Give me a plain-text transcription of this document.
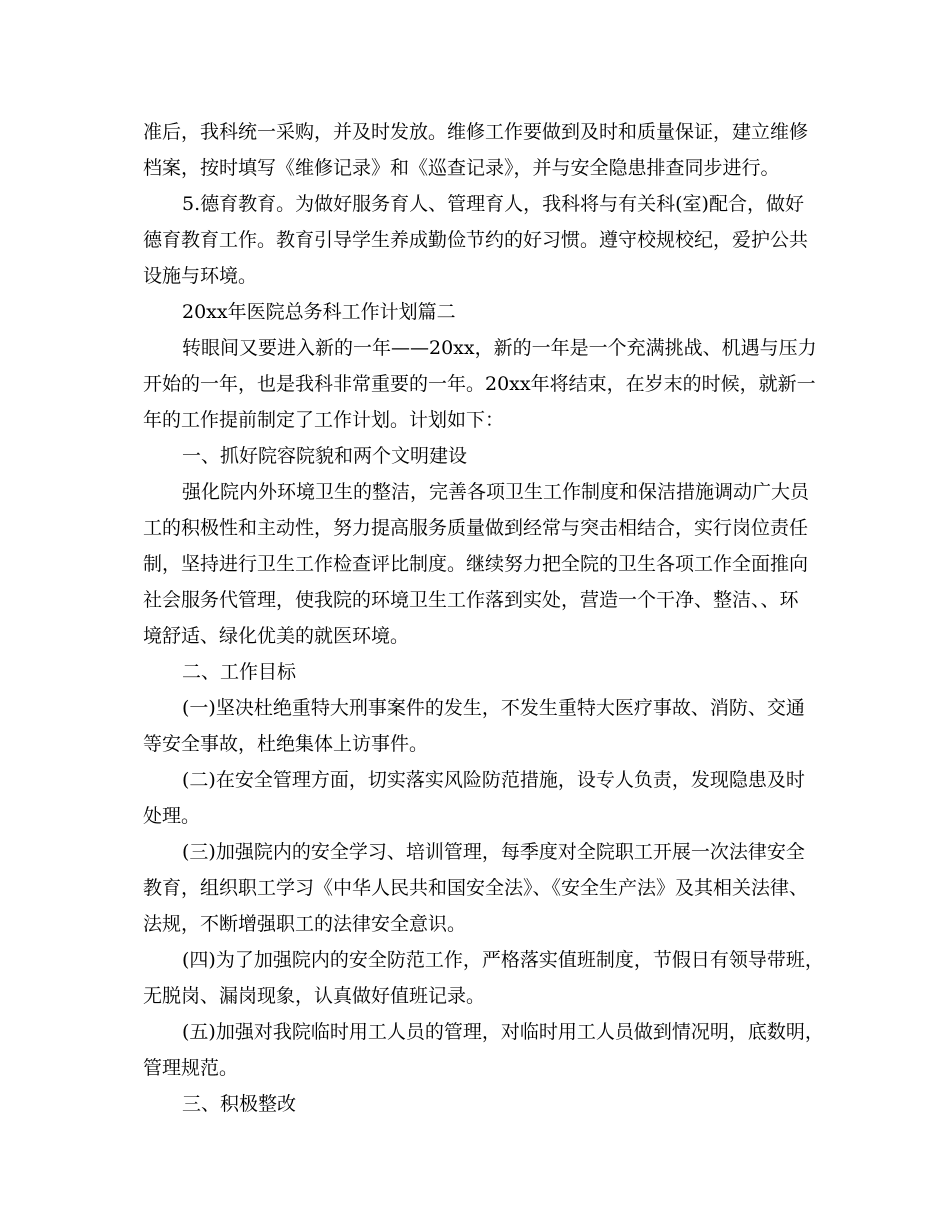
准后，我科统一采购，并及时发放。维修工作要做到及时和质量保证，建立维修

档案，按时填写《维修记录》和《巡查记录》，并与安全隐患排查同步进行。

5.德育教育。为做好服务育人、管理育人，我科将与有关科(室)配合，做好

德育教育工作。教育引导学生养成勤俭节约的好习惯。遵守校规校纪，爱护公共

设施与环境。

20xx年医院总务科工作计划篇二

转眼间又要进入新的一年——20xx，新的一年是一个充满挑战、机遇与压力

开始的一年，也是我科非常重要的一年。20xx年将结束，在岁末的时候，就新一

年的工作提前制定了工作计划。计划如下：

一、抓好院容院貌和两个文明建设

强化院内外环境卫生的整洁，完善各项卫生工作制度和保洁措施调动广大员

工的积极性和主动性，努力提高服务质量做到经常与突击相结合，实行岗位责任

制，坚持进行卫生工作检查评比制度。继续努力把全院的卫生各项工作全面推向

社会服务代管理，使我院的环境卫生工作落到实处，营造一个干净、整洁、、环

境舒适、绿化优美的就医环境。

二、工作目标

(一)坚决杜绝重特大刑事案件的发生，不发生重特大医疗事故、消防、交通

等安全事故，杜绝集体上访事件。

(二)在安全管理方面，切实落实风险防范措施，设专人负责，发现隐患及时

处理。

(三)加强院内的安全学习、培训管理，每季度对全院职工开展一次法律安全

教育，组织职工学习《中华人民共和国安全法》、《安全生产法》及其相关法律、

法规，不断增强职工的法律安全意识。

(四)为了加强院内的安全防范工作，严格落实值班制度，节假日有领导带班，

无脱岗、漏岗现象，认真做好值班记录。

(五)加强对我院临时用工人员的管理，对临时用工人员做到情况明，底数明，

管理规范。

三、积极整改
